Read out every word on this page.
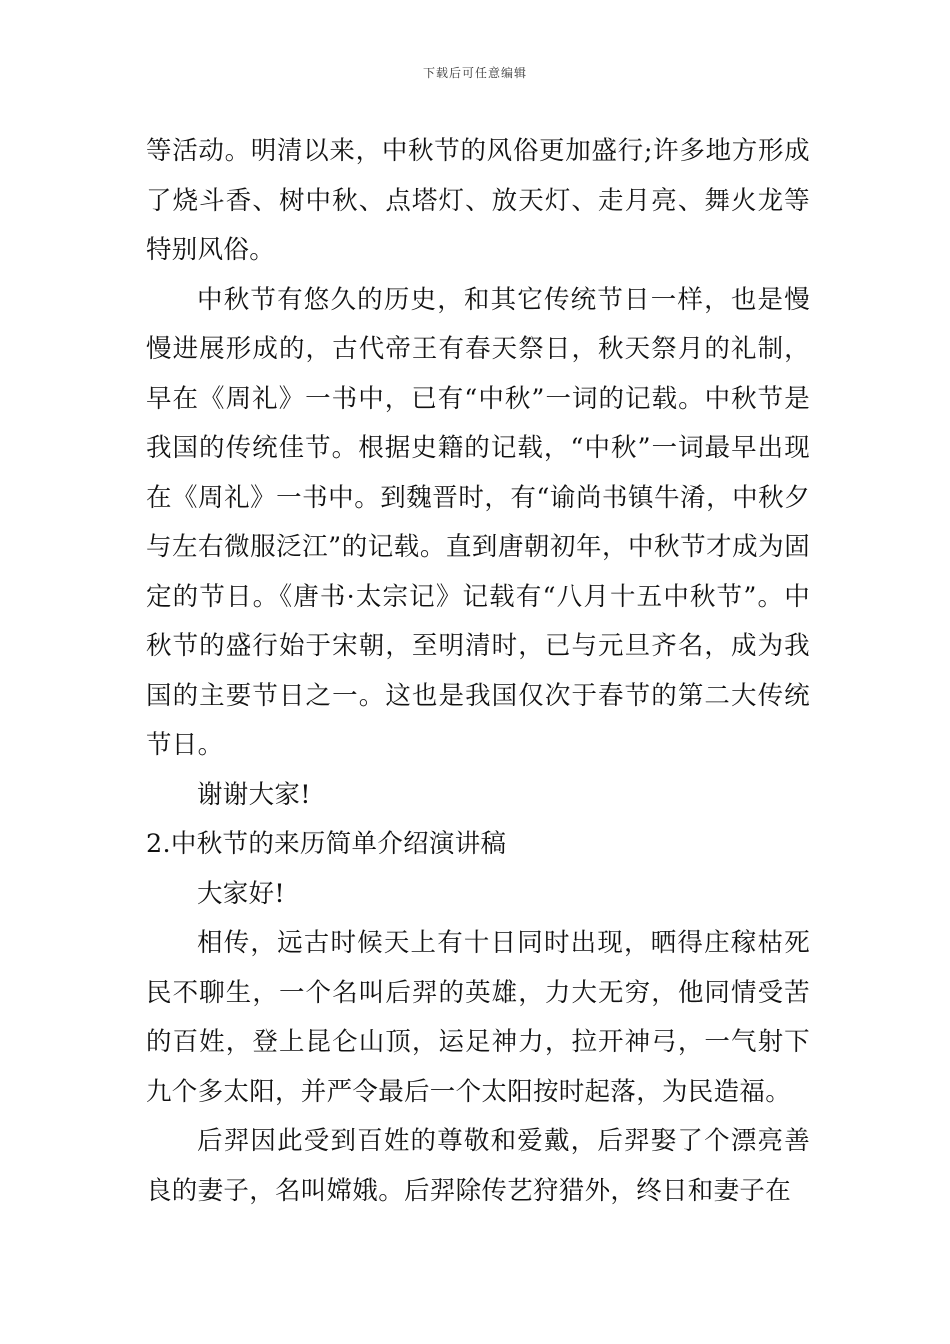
下载后可任意编辑

等活动。明清以来，中秋节的风俗更加盛行;许多地方形成了烧斗香、树中秋、点塔灯、放天灯、走月亮、舞火龙等特别风俗。

中秋节有悠久的历史，和其它传统节日一样，也是慢慢进展形成的，古代帝王有春天祭日，秋天祭月的礼制，早在《周礼》一书中，已有“中秋”一词的记载。中秋节是我国的传统佳节。根据史籍的记载，“中秋”一词最早出现在《周礼》一书中。到魏晋时，有“谕尚书镇牛淆，中秋夕与左右微服泛江”的记载。直到唐朝初年，中秋节才成为固定的节日。《唐书·太宗记》记载有“八月十五中秋节”。中秋节的盛行始于宋朝，至明清时，已与元旦齐名，成为我国的主要节日之一。这也是我国仅次于春节的第二大传统节日。

谢谢大家!

2.中秋节的来历简单介绍演讲稿

大家好!

相传，远古时候天上有十日同时出现，晒得庄稼枯死民不聊生，一个名叫后羿的英雄，力大无穷，他同情受苦的百姓，登上昆仑山顶，运足神力，拉开神弓，一气射下九个多太阳，并严令最后一个太阳按时起落，为民造福。

后羿因此受到百姓的尊敬和爱戴，后羿娶了个漂亮善良的妻子，名叫嫦娥。后羿除传艺狩猎外，终日和妻子在
